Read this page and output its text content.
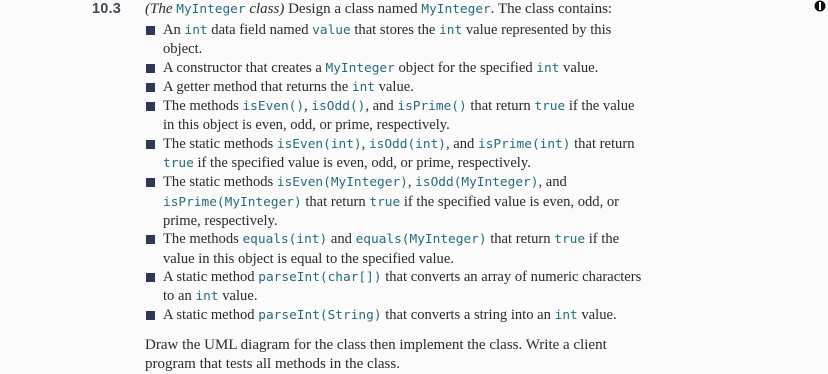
10.3 (The MyInteger class) Design a class named MyInteger. The class contains:
An int data field named value that stores the int value represented by this object.
A constructor that creates a MyInteger object for the specified int value.
A getter method that returns the int value.
The methods isEven(), isOdd(), and isPrime() that return true if the value in this object is even, odd, or prime, respectively.
The static methods isEven(int), isOdd(int), and isPrime(int) that return true if the specified value is even, odd, or prime, respectively.
The static methods isEven(MyInteger), isOdd(MyInteger), and isPrime(MyInteger) that return true if the specified value is even, odd, or prime, respectively.
The methods equals(int) and equals(MyInteger) that return true if the value in this object is equal to the specified value.
A static method parseInt(char[]) that converts an array of numeric characters to an int value.
A static method parseInt(String) that converts a string into an int value.
Draw the UML diagram for the class then implement the class. Write a client program that tests all methods in the class.
